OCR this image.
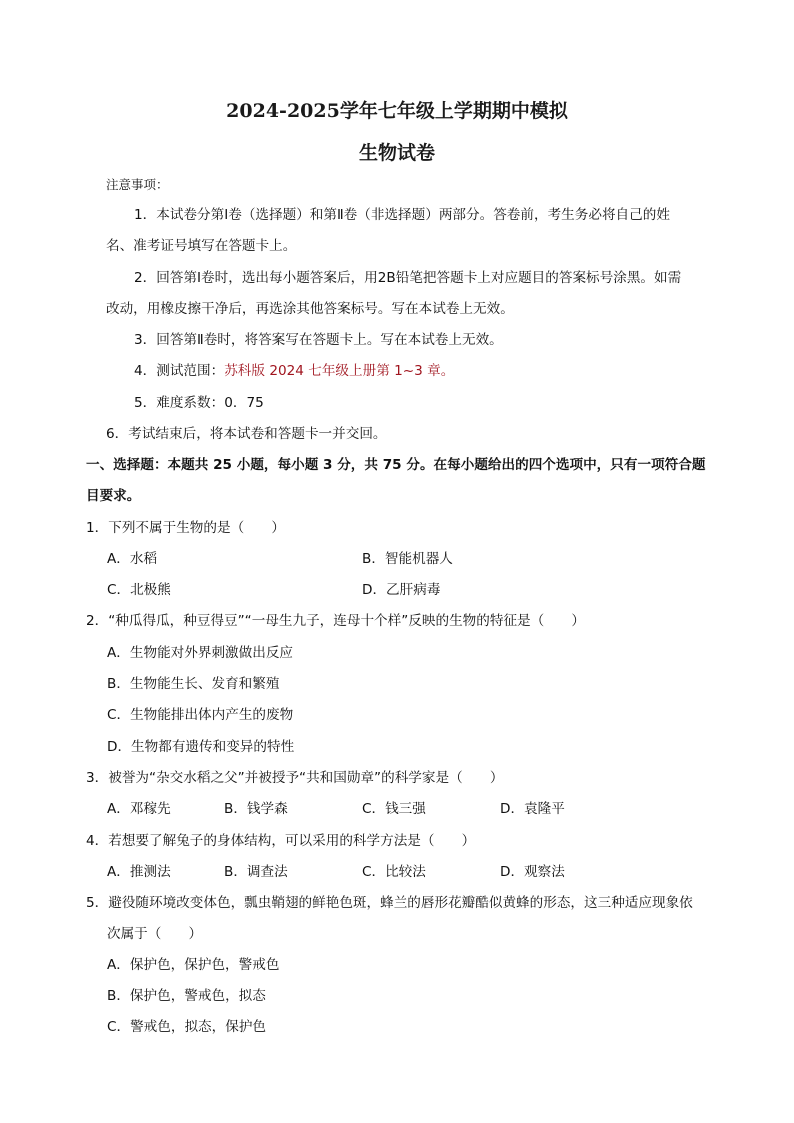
2024-2025学年七年级上学期期中模拟
生物试卷
注意事项：
1．本试卷分第Ⅰ卷（选择题）和第Ⅱ卷（非选择题）两部分。答卷前，考生务必将自己的姓
名、准考证号填写在答题卡上。
2．回答第Ⅰ卷时，选出每小题答案后，用2B铅笔把答题卡上对应题目的答案标号涂黑。如需
改动，用橡皮擦干净后，再选涂其他答案标号。写在本试卷上无效。
3．回答第Ⅱ卷时，将答案写在答题卡上。写在本试卷上无效。
4．测试范围：苏科版 2024 七年级上册第 1~3 章。
5．难度系数：0．75
6．考试结束后，将本试卷和答题卡一并交回。
一、选择题：本题共 25 小题，每小题 3 分，共 75 分。在每小题给出的四个选项中，只有一项符合题
目要求。
1．下列不属于生物的是（　　）
A．水稻	B．智能机器人
C．北极熊	D．乙肝病毒
2．“种瓜得瓜，种豆得豆”“一母生九子，连母十个样”反映的生物的特征是（　　）
A．生物能对外界刺激做出反应
B．生物能生长、发育和繁殖
C．生物能排出体内产生的废物
D．生物都有遗传和变异的特性
3．被誉为“杂交水稻之父”并被授予“共和国勋章”的科学家是（　　）
A．邓稼先	B．钱学森	C．钱三强	D．袁隆平
4．若想要了解兔子的身体结构，可以采用的科学方法是（　　）
A．推测法	B．调查法	C．比较法	D．观察法
5．避役随环境改变体色，瓢虫鞘翅的鲜艳色斑，蜂兰的唇形花瓣酷似黄蜂的形态，这三种适应现象依
次属于（　　）
A．保护色，保护色，警戒色
B．保护色，警戒色，拟态
C．警戒色，拟态，保护色
